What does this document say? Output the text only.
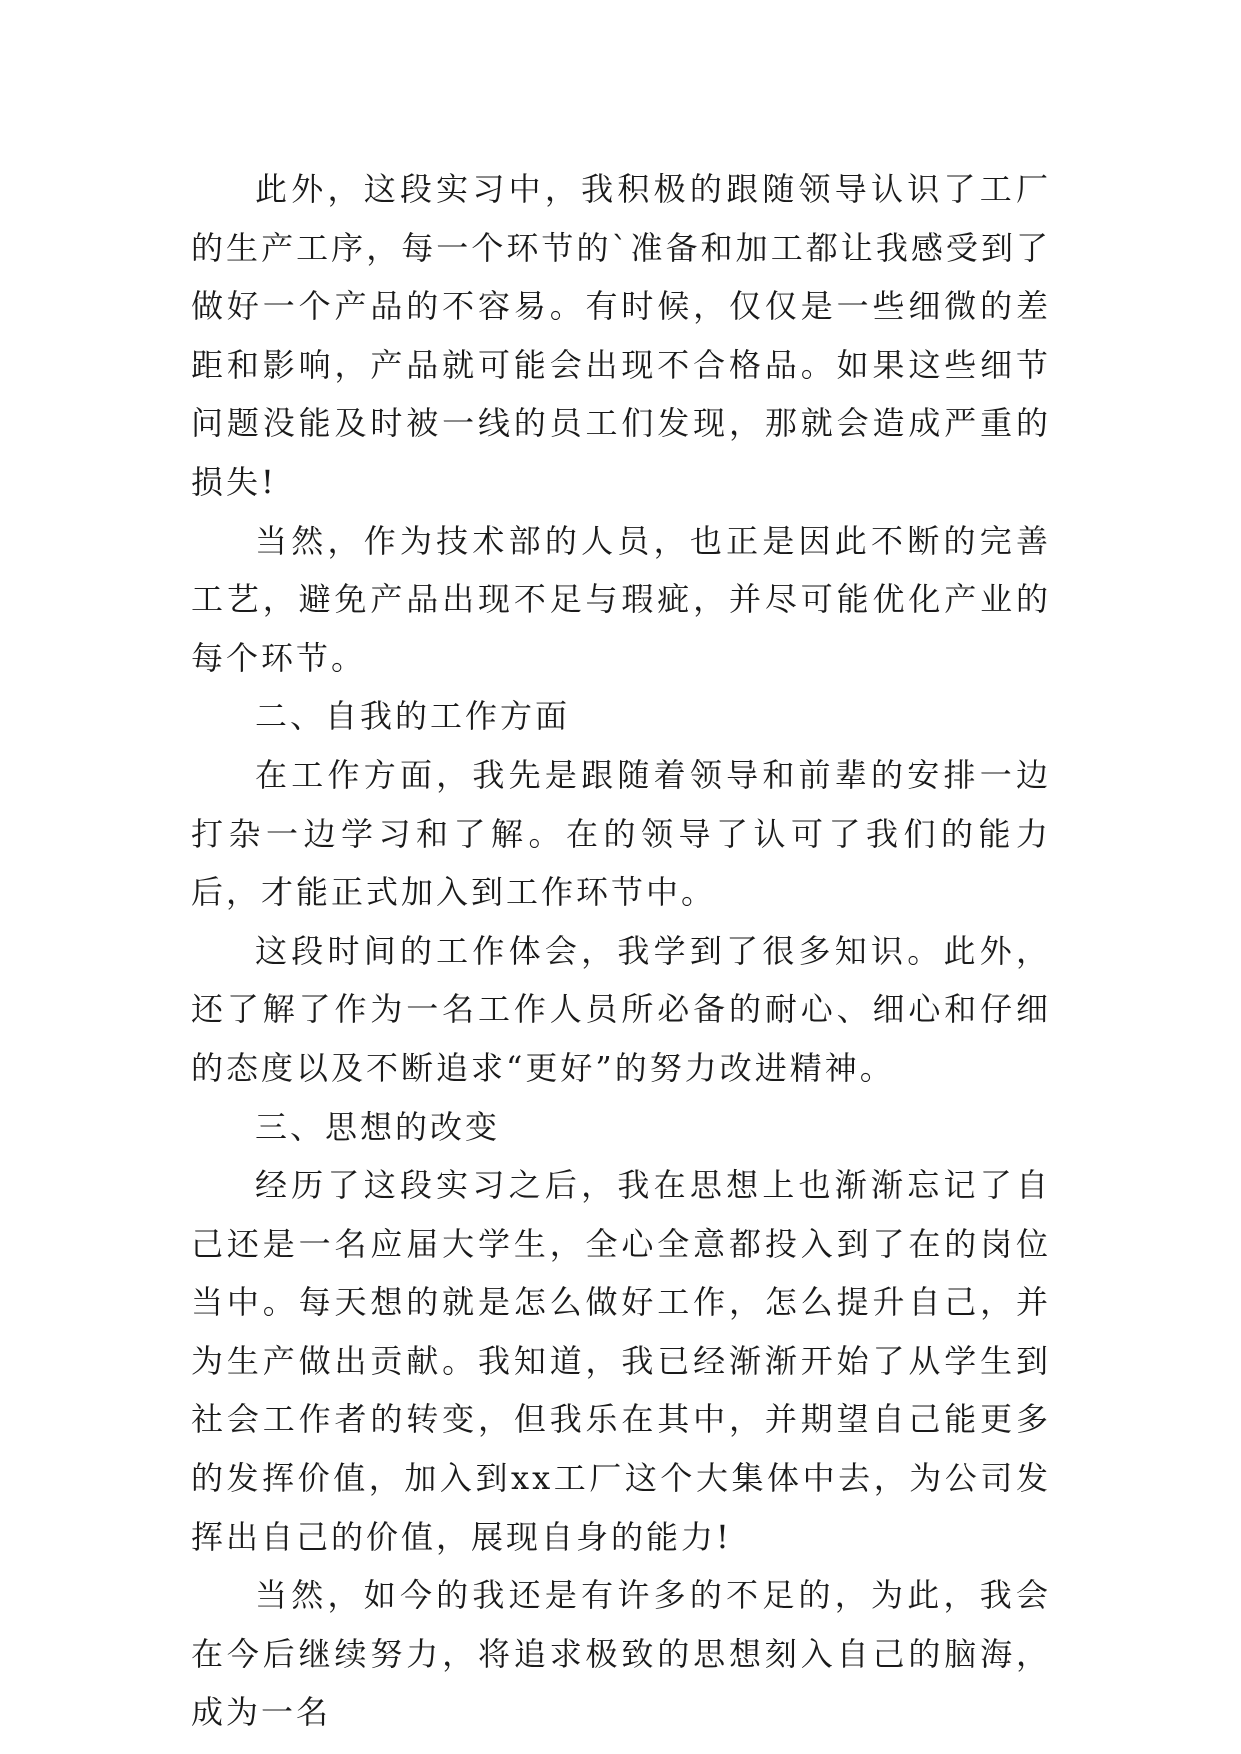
此外，这段实习中，我积极的跟随领导认识了工厂的生产工序，每一个环节的`准备和加工都让我感受到了做好一个产品的不容易。有时候，仅仅是一些细微的差距和影响，产品就可能会出现不合格品。如果这些细节问题没能及时被一线的员工们发现，那就会造成严重的损失!

当然，作为技术部的人员，也正是因此不断的完善工艺，避免产品出现不足与瑕疵，并尽可能优化产业的每个环节。

二、自我的工作方面

在工作方面，我先是跟随着领导和前辈的安排一边打杂一边学习和了解。在的领导了认可了我们的能力后，才能正式加入到工作环节中。

这段时间的工作体会，我学到了很多知识。此外，还了解了作为一名工作人员所必备的耐心、细心和仔细的态度以及不断追求“更好”的努力改进精神。

三、思想的改变

经历了这段实习之后，我在思想上也渐渐忘记了自己还是一名应届大学生，全心全意都投入到了在的岗位当中。每天想的就是怎么做好工作，怎么提升自己，并为生产做出贡献。我知道，我已经渐渐开始了从学生到社会工作者的转变，但我乐在其中，并期望自己能更多的发挥价值，加入到xx工厂这个大集体中去，为公司发挥出自己的价值，展现自身的能力!

当然，如今的我还是有许多的不足的，为此，我会在今后继续努力，将追求极致的思想刻入自己的脑海，成为一名
